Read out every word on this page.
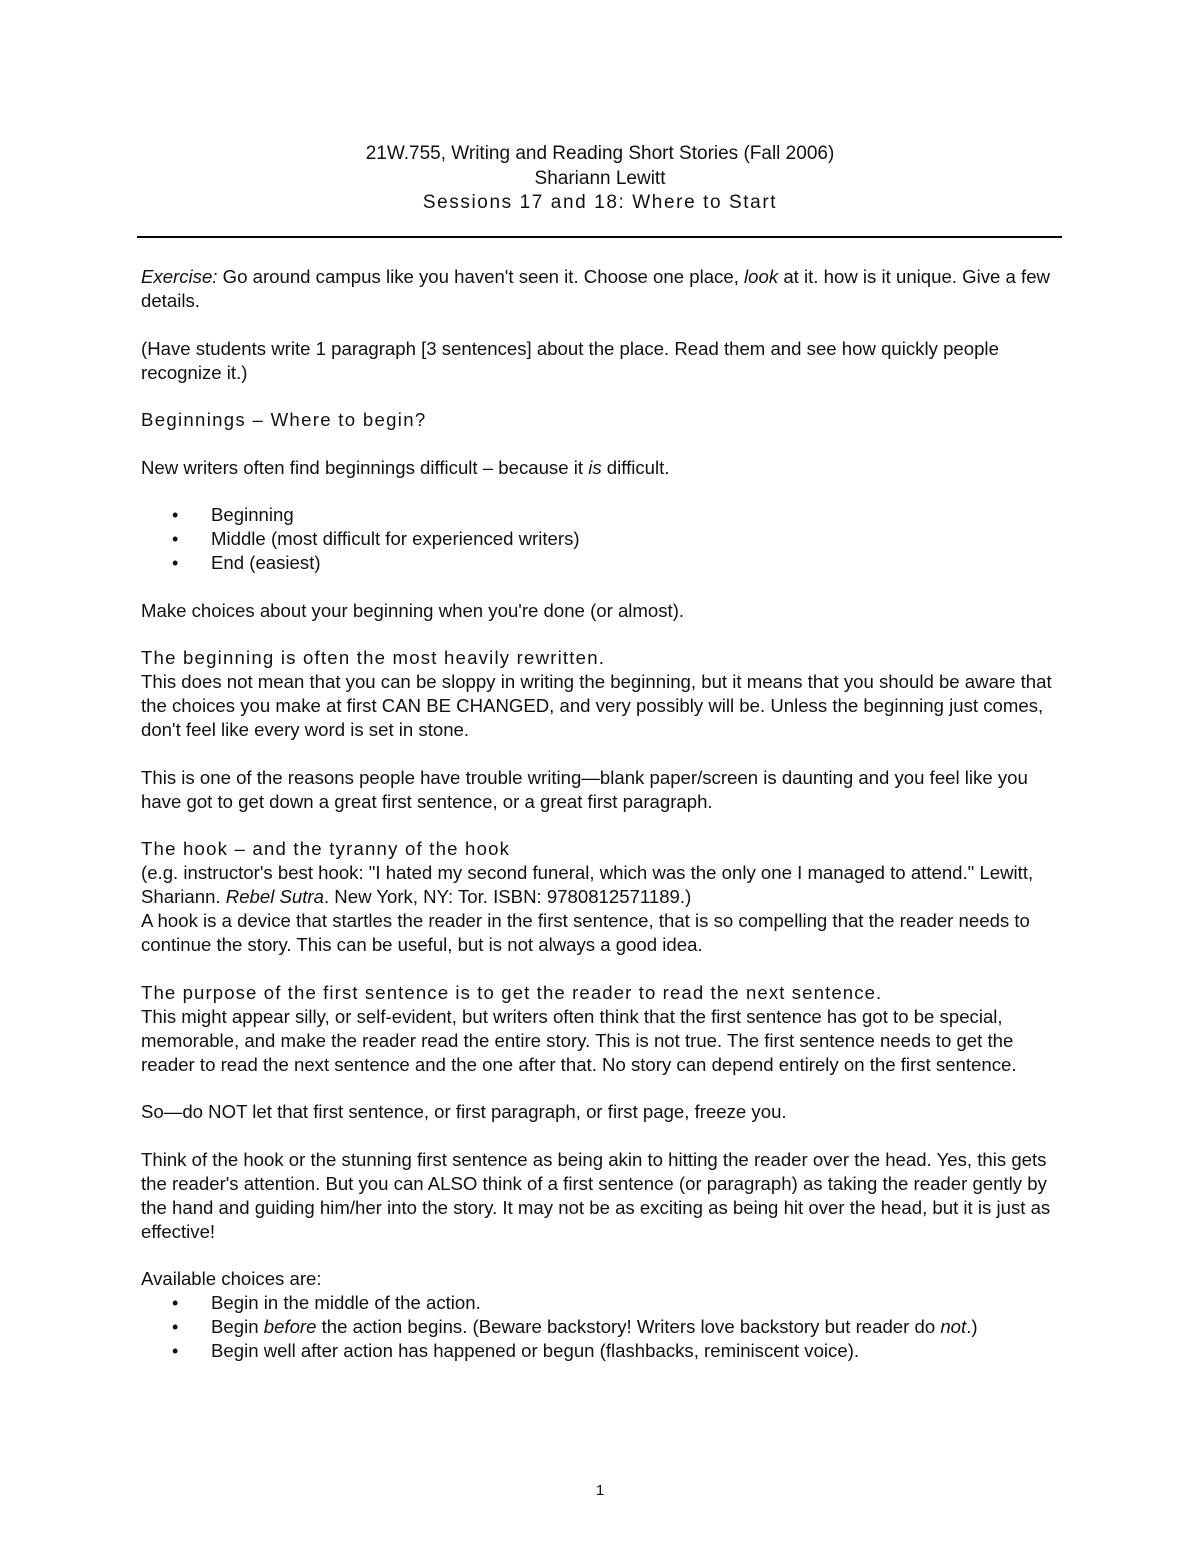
21W.755, Writing and Reading Short Stories (Fall 2006)
Shariann Lewitt
Sessions 17 and 18: Where to Start

Exercise: Go around campus like you haven't seen it. Choose one place, look at it. how is it unique. Give a few details.

(Have students write 1 paragraph [3 sentences] about the place. Read them and see how quickly people recognize it.)

Beginnings – Where to begin?

New writers often find beginnings difficult – because it is difficult.

• Beginning
• Middle (most difficult for experienced writers)
• End (easiest)

Make choices about your beginning when you're done (or almost).

The beginning is often the most heavily rewritten.

This does not mean that you can be sloppy in writing the beginning, but it means that you should be aware that the choices you make at first CAN BE CHANGED, and very possibly will be. Unless the beginning just comes, don't feel like every word is set in stone.

This is one of the reasons people have trouble writing—blank paper/screen is daunting and you feel like you have got to get down a great first sentence, or a great first paragraph.

The hook – and the tyranny of the hook

(e.g. instructor's best hook: "I hated my second funeral, which was the only one I managed to attend." Lewitt, Shariann. Rebel Sutra. New York, NY: Tor. ISBN: 9780812571189.)

A hook is a device that startles the reader in the first sentence, that is so compelling that the reader needs to continue the story. This can be useful, but is not always a good idea.

The purpose of the first sentence is to get the reader to read the next sentence.

This might appear silly, or self-evident, but writers often think that the first sentence has got to be special, memorable, and make the reader read the entire story. This is not true. The first sentence needs to get the reader to read the next sentence and the one after that. No story can depend entirely on the first sentence.

So—do NOT let that first sentence, or first paragraph, or first page, freeze you.

Think of the hook or the stunning first sentence as being akin to hitting the reader over the head. Yes, this gets the reader's attention. But you can ALSO think of a first sentence (or paragraph) as taking the reader gently by the hand and guiding him/her into the story. It may not be as exciting as being hit over the head, but it is just as effective!

Available choices are:

• Begin in the middle of the action.
• Begin before the action begins. (Beware backstory! Writers love backstory but reader do not.)
• Begin well after action has happened or begun (flashbacks, reminiscent voice).
1
